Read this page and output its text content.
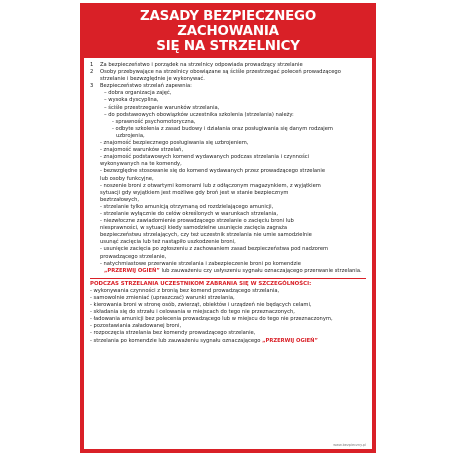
ZASADY BEZPIECZNEGO ZACHOWANIA
SIĘ NA STRZELNICY
1	Za bezpieczeństwo i porządek na strzelnicy odpowiada prowadzący strzelanie
2	Osoby przebywające na strzelnicy obowiązane są ściśle przestrzegać poleceń prowadzącego strzelanie i bezwzględnie je wykonywać.
3	Bezpieczeństwo strzelań zapewnia:
– dobra organizacja zajęć,
– wysoka dyscyplina,
– ściśle przestrzeganie warunków strzelania,
– do podstawowych obowiązków uczestnika szkolenia (strzelania) należy:
- sprawność psychomotoryczna,
- odbyte szkolenia z zasad budowy i działania oraz posługiwania się danym rodzajem
uzbrojenia,
- znajomość bezpiecznego posługiwania się uzbrojeniem,
- znajomość warunków strzelań,
- znajomość podstawowych komend wydawanych podczas strzelania i czynności
wykonywanych na te komendy,
- bezwzględne stosowanie się do komend wydawanych przez prowadzącego strzelanie
lub osoby funkcyjne,
- noszenie broni z otwartymi komorami lub z odłączonym magazynkiem, z wyjątkiem
sytuacji gdy wyjątkiem jest możliwe gdy broń jest w stanie bezpiecznym
beztrzałowych,
- strzelanie tylko amunicją otrzymaną od rozdzielającego amunicji,
- strzelanie wyłącznie do celów określonych w warunkach strzelania,
- niezwłoczne zawiadomienie prowadzącego strzelanie o zacięciu broni lub
niesprawności, w sytuacji kiedy samodzielne usunięcie zacięcia zagraża
bezpieczeństwu strzelających, czy też uczestnik strzelania nie umie samodzielnie
usunąć zacięcia lub też nastąpiło uszkodzenie broni,
- usunięcie zacięcia po zgłoszeniu z zachowaniem zasad bezpieczeństwa pod nadzorem
prowadzącego strzelanie,
- natychmiastowe przerwanie strzelania i zabezpieczenie broni po komendzie
„PRZERWIJ OGIEŃ” lub zauważeniu czy usłyszeniu sygnału oznaczającego przerwanie strzelania.
PODCZAS STRZELANIA UCZESTNIKOM ZABRANIA SIĘ W SZCZEGÓLNOŚCI:
- wykonywania czynności z bronią bez komend prowadzącego strzelania,
- samowolnie zmieniać (upraszczać) warunki strzelania,
- kierowania broni w stronę osób, zwierząt, obiektów i urządzeń nie będących celami,
- składania się do strzału i celowania w miejscach do tego nie przeznaczonych,
- ładowania amunicji bez polecenia prowadzącego lub w miejscu do tego nie przeznaczonym,
- pozostawiania załadowanej broni,
- rozpoczęcia strzelania bez komendy prowadzącego strzelanie,
- strzelania po komendzie lub zauważeniu sygnału oznaczającego „PRZERWIJ OGIEŃ”
www.bezpieczny.pl
